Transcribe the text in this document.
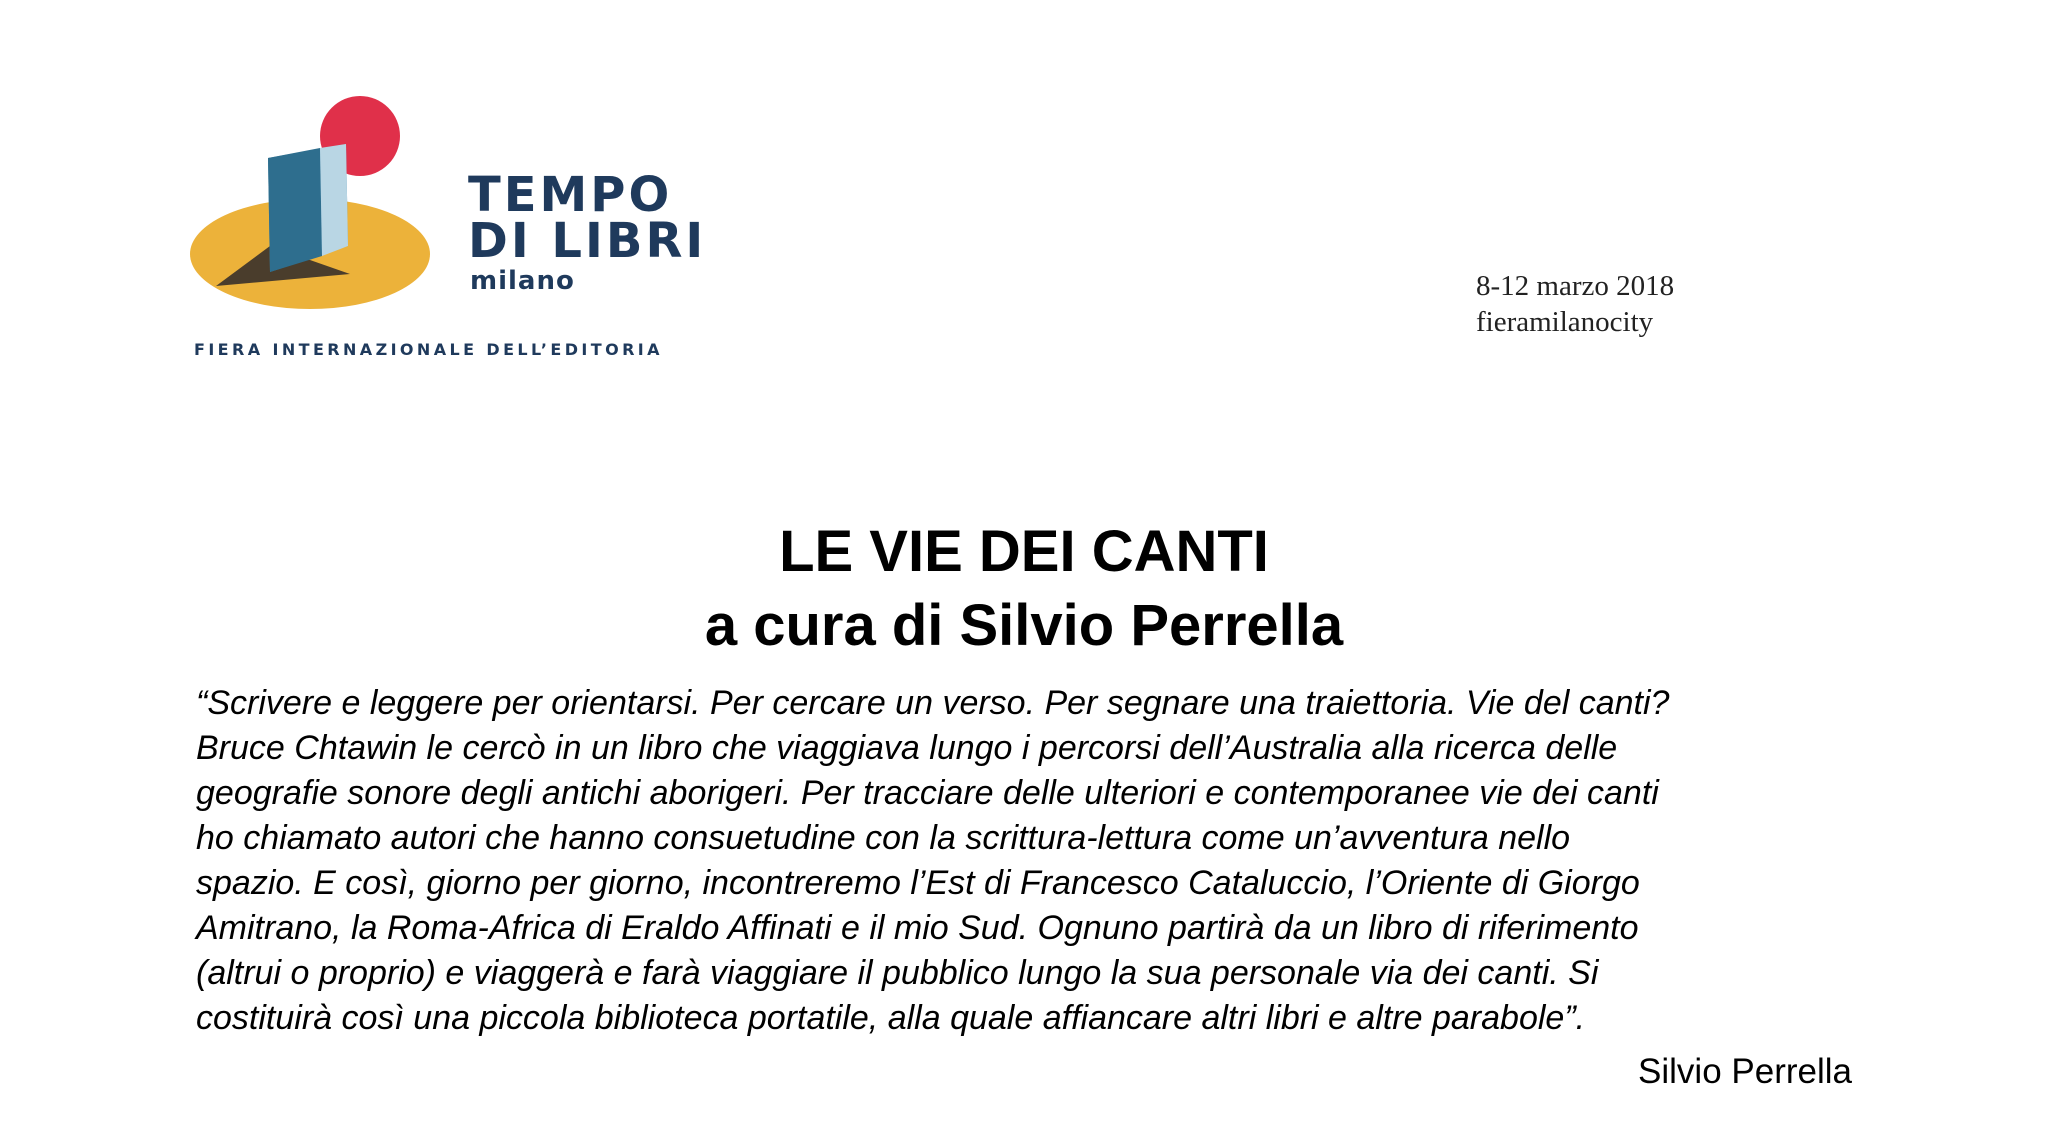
TEMPO
DI LIBRI
milano
FIERA INTERNAZIONALE DELL’EDITORIA
8-12 marzo 2018
fieramilanocity
LE VIE DEI CANTI
a cura di Silvio Perrella
“Scrivere e leggere per orientarsi. Per cercare un verso. Per segnare una traiettoria. Vie del canti?
Bruce Chtawin le cercò in un libro che viaggiava lungo i percorsi dell’Australia alla ricerca delle
geografie sonore degli antichi aborigeri. Per tracciare delle ulteriori e contemporanee vie dei canti
ho chiamato autori che hanno consuetudine con la scrittura-lettura come un’avventura nello
spazio. E così, giorno per giorno, incontreremo l’Est di Francesco Cataluccio, l’Oriente di Giorgo
Amitrano, la Roma-Africa di Eraldo Affinati e il mio Sud. Ognuno partirà da un libro di riferimento
(altrui o proprio) e viaggerà e farà viaggiare il pubblico lungo la sua personale via dei canti. Si
costituirà così una piccola biblioteca portatile, alla quale affiancare altri libri e altre parabole”.
Silvio Perrella
